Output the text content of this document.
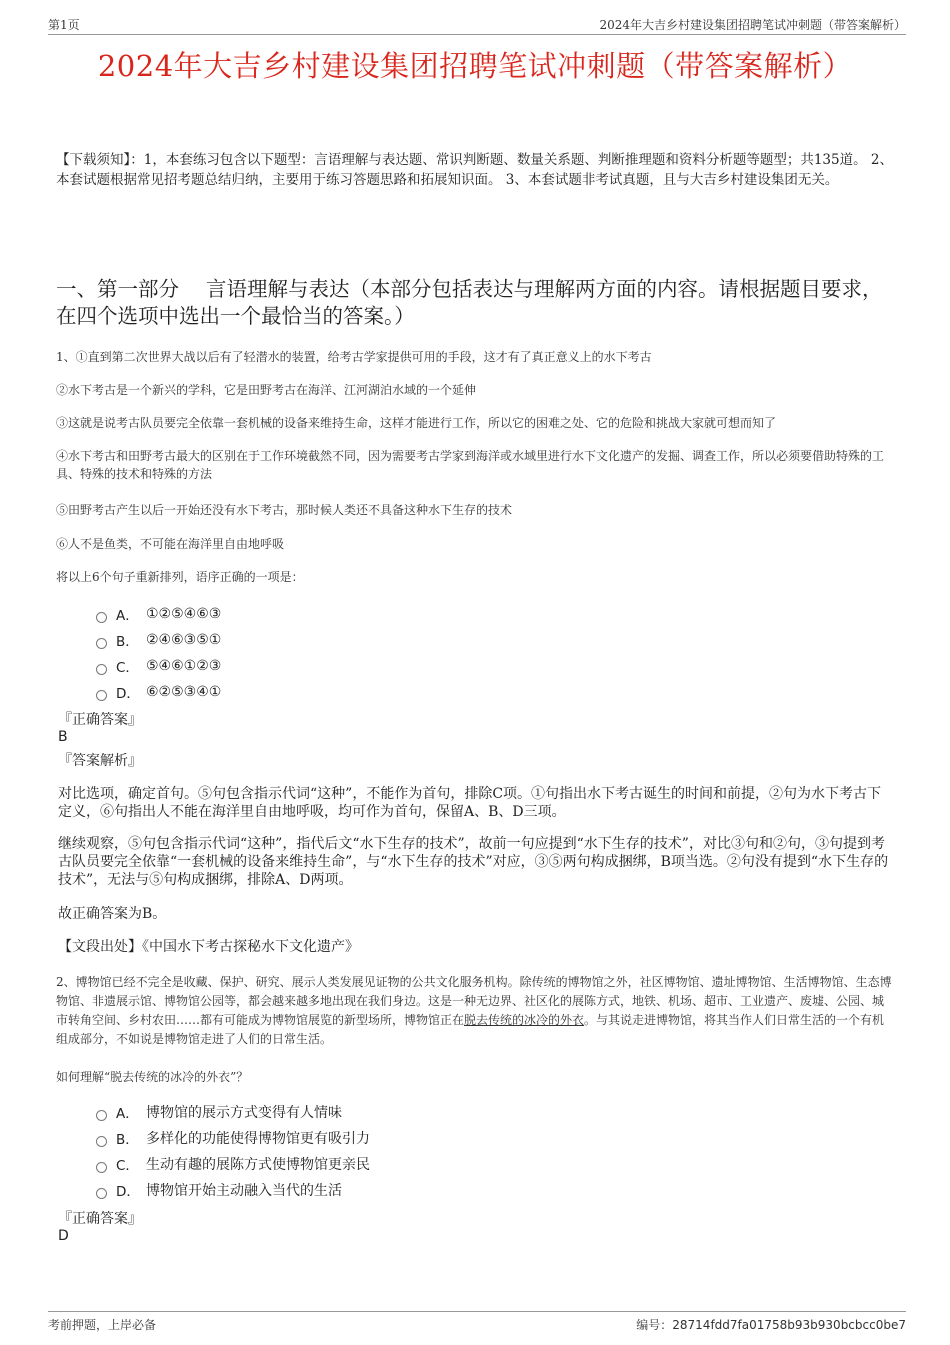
第1页	2024年大吉乡村建设集团招聘笔试冲刺题（带答案解析）
2024年大吉乡村建设集团招聘笔试冲刺题（带答案解析）
【下载须知】：1，本套练习包含以下题型：言语理解与表达题、常识判断题、数量关系题、判断推理题和资料分析题等题型；共135道。 2、本套试题根据常见招考题总结归纳，主要用于练习答题思路和拓展知识面。 3、本套试题非考试真题，且与大吉乡村建设集团无关。
一、第一部分　 言语理解与表达（本部分包括表达与理解两方面的内容。请根据题目要求，在四个选项中选出一个最恰当的答案。）
1、①直到第二次世界大战以后有了轻潜水的装置，给考古学家提供可用的手段，这才有了真正意义上的水下考古
②水下考古是一个新兴的学科，它是田野考古在海洋、江河湖泊水域的一个延伸
③这就是说考古队员要完全依靠一套机械的设备来维持生命，这样才能进行工作，所以它的困难之处、它的危险和挑战大家就可想而知了
④水下考古和田野考古最大的区别在于工作环境截然不同，因为需要考古学家到海洋或水域里进行水下文化遗产的发掘、调查工作，所以必须要借助特殊的工具、特殊的技术和特殊的方法
⑤田野考古产生以后一开始还没有水下考古，那时候人类还不具备这种水下生存的技术
⑥人不是鱼类，不可能在海洋里自由地呼吸
将以上6个句子重新排列，语序正确的一项是：
A． ①②⑤④⑥③
B． ②④⑥③⑤①
C． ⑤④⑥①②③
D． ⑥②⑤③④①
『正确答案』
B
『答案解析』
对比选项，确定首句。⑤句包含指示代词“这种”，不能作为首句，排除C项。①句指出水下考古诞生的时间和前提，②句为水下考古下定义，⑥句指出人不能在海洋里自由地呼吸，均可作为首句，保留A、B、D三项。
继续观察，⑤句包含指示代词“这种”，指代后文“水下生存的技术”，故前一句应提到“水下生存的技术”，对比③句和②句，③句提到考古队员要完全依靠“一套机械的设备来维持生命”，与“水下生存的技术”对应，③⑤两句构成捆绑，B项当选。②句没有提到“水下生存的技术”，无法与⑤句构成捆绑，排除A、D两项。
故正确答案为B。
【文段出处】《中国水下考古探秘水下文化遗产》
2、博物馆已经不完全是收藏、保护、研究、展示人类发展见证物的公共文化服务机构。除传统的博物馆之外，社区博物馆、遗址博物馆、生活博物馆、生态博物馆、非遗展示馆、博物馆公园等，都会越来越多地出现在我们身边。这是一种无边界、社区化的展陈方式，地铁、机场、超市、工业遗产、废墟、公园、城市转角空间、乡村农田……都有可能成为博物馆展览的新型场所，博物馆正在脱去传统的冰冷的外衣。与其说走进博物馆，将其当作人们日常生活的一个有机组成部分，不如说是博物馆走进了人们的日常生活。
如何理解“脱去传统的冰冷的外衣”？
A． 博物馆的展示方式变得有人情味
B． 多样化的功能使得博物馆更有吸引力
C． 生动有趣的展陈方式使博物馆更亲民
D． 博物馆开始主动融入当代的生活
『正确答案』
D
考前押题，上岸必备	编号：28714fdd7fa01758b93b930bcbcc0be7
